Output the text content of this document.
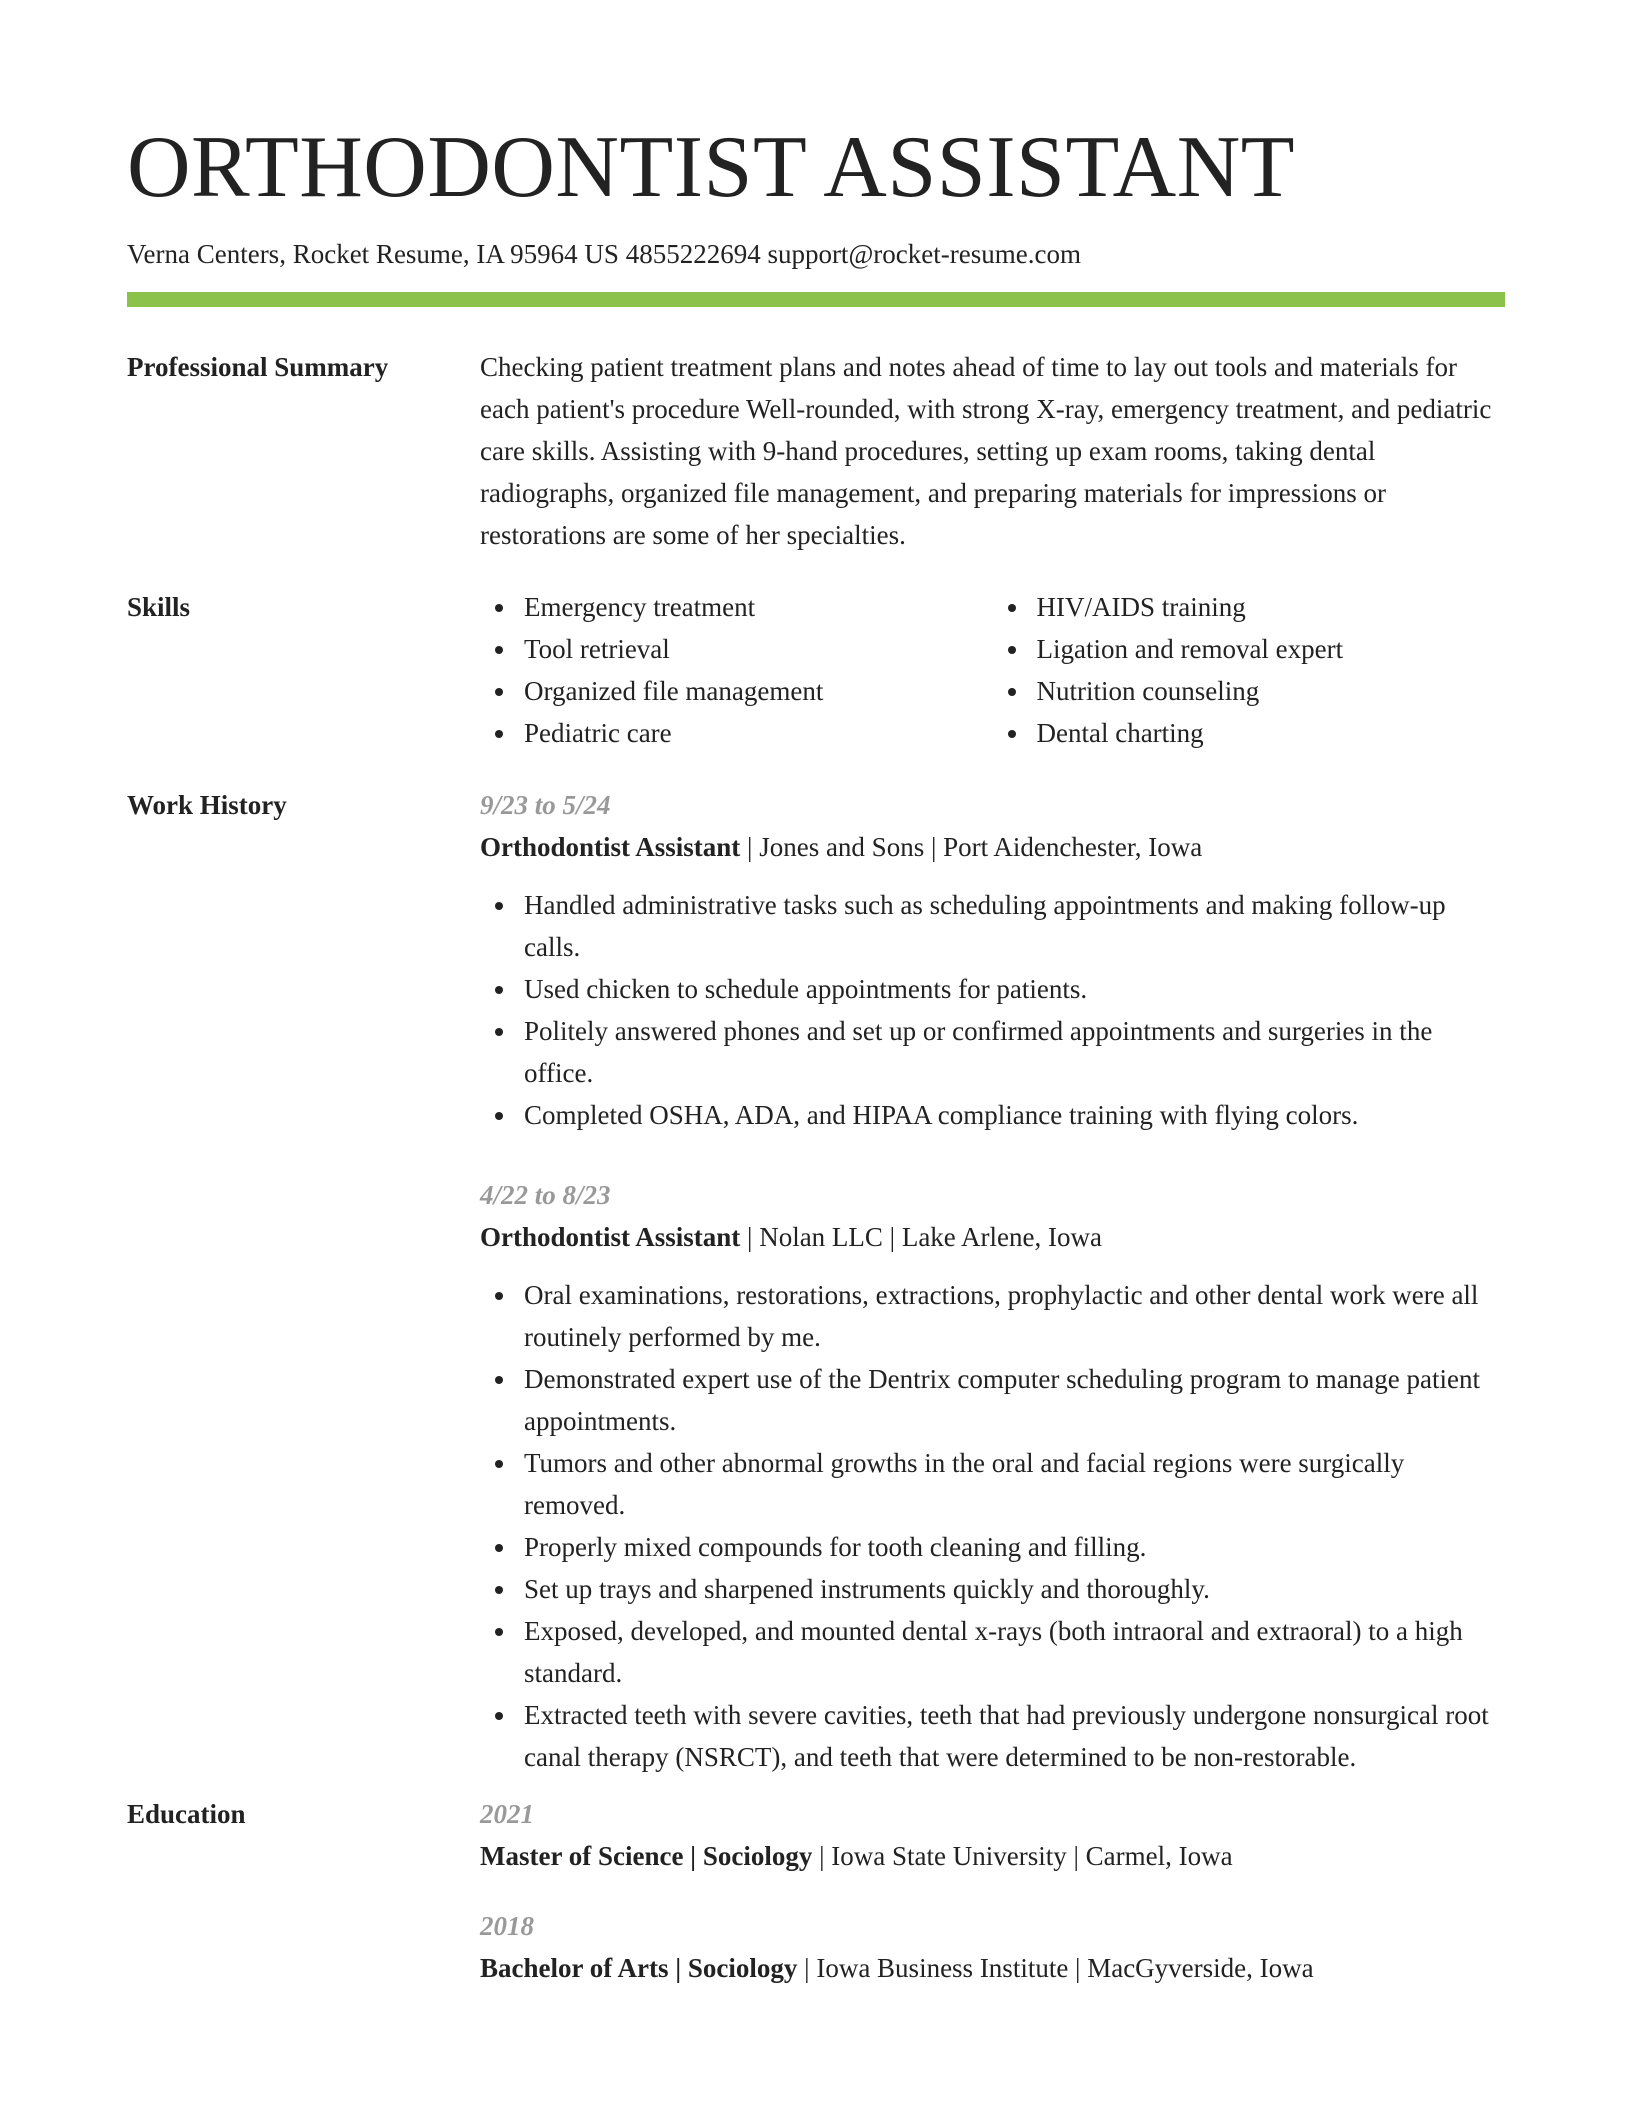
ORTHODONTIST ASSISTANT
Verna Centers, Rocket Resume, IA 95964 US 4855222694 support@rocket-resume.com
Professional Summary	Checking patient treatment plans and notes ahead of time to lay out tools and materials for each patient's procedure Well-rounded, with strong X-ray, emergency treatment, and pediatric care skills. Assisting with 9-hand procedures, setting up exam rooms, taking dental radiographs, organized file management, and preparing materials for impressions or restorations are some of her specialties.

Skills	Emergency treatment
Tool retrieval
Organized file management
Pediatric care
HIV/AIDS training
Ligation and removal expert
Nutrition counseling
Dental charting
Work History	9/23 to 5/24
Orthodontist Assistant | Jones and Sons | Port Aidenchester, Iowa
Handled administrative tasks such as scheduling appointments and making follow-up calls.
Used chicken to schedule appointments for patients.
Politely answered phones and set up or confirmed appointments and surgeries in the office.
Completed OSHA, ADA, and HIPAA compliance training with flying colors.
4/22 to 8/23
Orthodontist Assistant | Nolan LLC | Lake Arlene, Iowa
Oral examinations, restorations, extractions, prophylactic and other dental work were all routinely performed by me.
Demonstrated expert use of the Dentrix computer scheduling program to manage patient appointments.
Tumors and other abnormal growths in the oral and facial regions were surgically removed.
Properly mixed compounds for tooth cleaning and filling.
Set up trays and sharpened instruments quickly and thoroughly.
Exposed, developed, and mounted dental x-rays (both intraoral and extraoral) to a high standard.
Extracted teeth with severe cavities, teeth that had previously undergone nonsurgical root canal therapy (NSRCT), and teeth that were determined to be non-restorable.
Education	2021
Master of Science | Sociology | Iowa State University | Carmel, Iowa
2018
Bachelor of Arts | Sociology | Iowa Business Institute | MacGyverside, Iowa
